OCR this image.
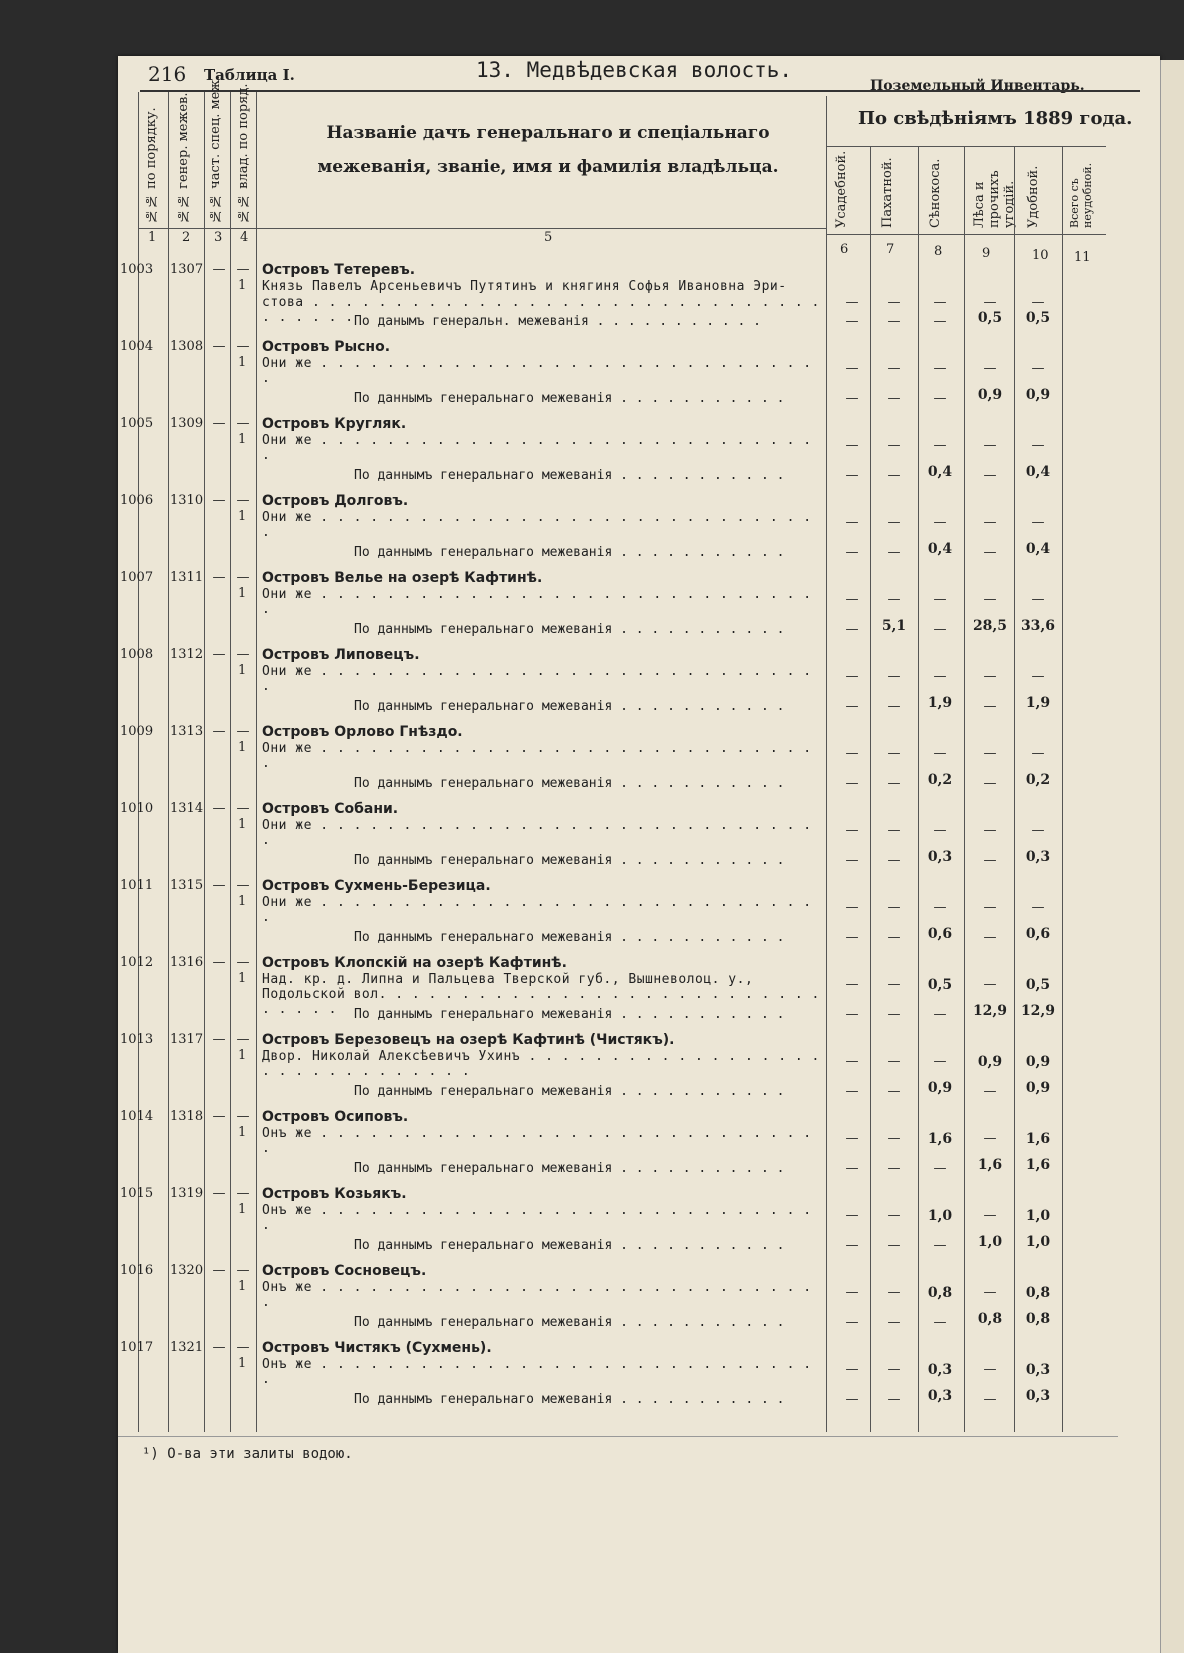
216 Таблица I.	13. Медвѣдевская волость.
Поземельный Инвентарь.
№№ по порядку. №№ генер. межев. №№ част. спец. меж. №№ влад. по поряд.	Названіе дачъ генеральнаго и спеціальнаго межеванія, званіе, имя и фамилія владѣльца.
По свѣдѣніямъ 1889 года.
Усадебной. Пахатной.	Сѣнокоса. Лѣса и прочихъ угодій. Удобной. Всего съ неудобной.
1 2 3 4	5
6	7	8	9	10 11
1003 1307 — —
1
Островъ Тетеревъ.
Князь Павелъ Арсеньевичъ Путятинъ и княгиня Софья Ивановна Эри-
стова . . . . . . . . . . . . . . . . . . . . . . . . . . . . . . . . . . . . .
—	—	—	—	—
По данымъ генеральн. межеванія . . . . . . . . . . .	—	—	—	0,5	0,5
1004 1308 — —
1
Островъ Рысно.
Они же . . . . . . . . . . . . . . . . . . . . . . . . . . . . . . .
—	—	—	—	—
По даннымъ генеральнаго межеванія . . . . . . . . . . .	—	—	—	0,9	0,9
1005 1309 — —
1
Островъ Кругляк.
Они же . . . . . . . . . . . . . . . . . . . . . . . . . . . . . . .
—	—	—	—	—
По даннымъ генеральнаго межеванія . . . . . . . . . . .	—	—	0,4	—	0,4
1006 1310 — —
1
Островъ Долговъ.
Они же . . . . . . . . . . . . . . . . . . . . . . . . . . . . . . .
—	—	—	—	—
По даннымъ генеральнаго межеванія . . . . . . . . . . .	—	—	0,4	—	0,4
1007 1311 — —
1
Островъ Велье на озерѣ Кафтинѣ.
Они же . . . . . . . . . . . . . . . . . . . . . . . . . . . . . . .
—	—	—	—	—
По даннымъ генеральнаго межеванія . . . . . . . . . . .	—	5,1	—	28,5 33,6
1008 1312 — —
1
Островъ Липовецъ.
Они же . . . . . . . . . . . . . . . . . . . . . . . . . . . . . . .
—	—	—	—	—
По даннымъ генеральнаго межеванія . . . . . . . . . . .	—	—	1,9	—	1,9
1009 1313 — —
1
Островъ Орлово Гнѣздо.
Они же . . . . . . . . . . . . . . . . . . . . . . . . . . . . . . .
—	—	—	—	—
По даннымъ генеральнаго межеванія . . . . . . . . . . .	—	—	0,2	—	0,2
1010 1314 — —
1
Островъ Собани.
Они же . . . . . . . . . . . . . . . . . . . . . . . . . . . . . . .
—	—	—	—	—
По даннымъ генеральнаго межеванія . . . . . . . . . . .	—	—	0,3	—	0,3
1011 1315 — —
1
Островъ Сухмень-Березица.
Они же . . . . . . . . . . . . . . . . . . . . . . . . . . . . . . .
—	—	—	—	—
По даннымъ генеральнаго межеванія . . . . . . . . . . .	—	—	0,6	—	0,6
1012 1316 — —
1
Островъ Клопскій на озерѣ Кафтинѣ.
Над. кр. д. Липна и Пальцева Тверской губ., Вышневолоц. у., Подольской вол. . . . . . . . . . . . . . . . . . . . . . . . . . . . . . . .
—	—	0,5	—	0,5
По даннымъ генеральнаго межеванія . . . . . . . . . . .	—	—	—	12,9 12,9
1013 1317 — —
1
Островъ Березовецъ на озерѣ Кафтинѣ (Чистякъ).
Двор. Николай Алексѣевичъ Ухинъ . . . . . . . . . . . . . . . . . . . . . . . . . . . . . . .
—	—	—	0,9	0,9
По даннымъ генеральнаго межеванія . . . . . . . . . . .	—	—	0,9	—	0,9
1014 1318 — —
1
Островъ Осиповъ.
Онъ же . . . . . . . . . . . . . . . . . . . . . . . . . . . . . . .
—	—	1,6	—	1,6
По даннымъ генеральнаго межеванія . . . . . . . . . . .	—	—	—	1,6	1,6
1015 1319 — —
1
Островъ Козьякъ.
Онъ же . . . . . . . . . . . . . . . . . . . . . . . . . . . . . . .
—	—	1,0	—	1,0
По даннымъ генеральнаго межеванія . . . . . . . . . . .	—	—	—	1,0	1,0
1016 1320 — —
1
Островъ Сосновецъ.
Онъ же . . . . . . . . . . . . . . . . . . . . . . . . . . . . . . .
—	—	0,8	—	0,8
По даннымъ генеральнаго межеванія . . . . . . . . . . .	—	—	—	0,8	0,8
1017 1321 — —
1
Островъ Чистякъ (Сухмень).
Онъ же . . . . . . . . . . . . . . . . . . . . . . . . . . . . . . .
—	—	0,3	—	0,3
По даннымъ генеральнаго межеванія . . . . . . . . . . .	—	—	0,3	—	0,3
¹) О-ва эти залиты водою.
